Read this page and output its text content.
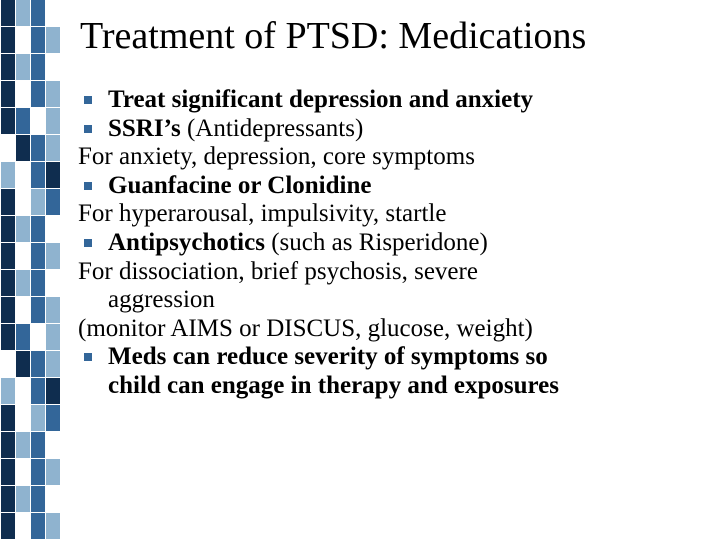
Treatment of PTSD: Medications
Treat significant depression and anxiety
SSRI’s (Antidepressants)
For anxiety, depression, core symptoms
Guanfacine or Clonidine
For hyperarousal, impulsivity, startle
Antipsychotics (such as Risperidone)
For dissociation, brief psychosis, severe
aggression
(monitor AIMS or DISCUS, glucose, weight)
Meds can reduce severity of symptoms so
child can engage in therapy and exposures
